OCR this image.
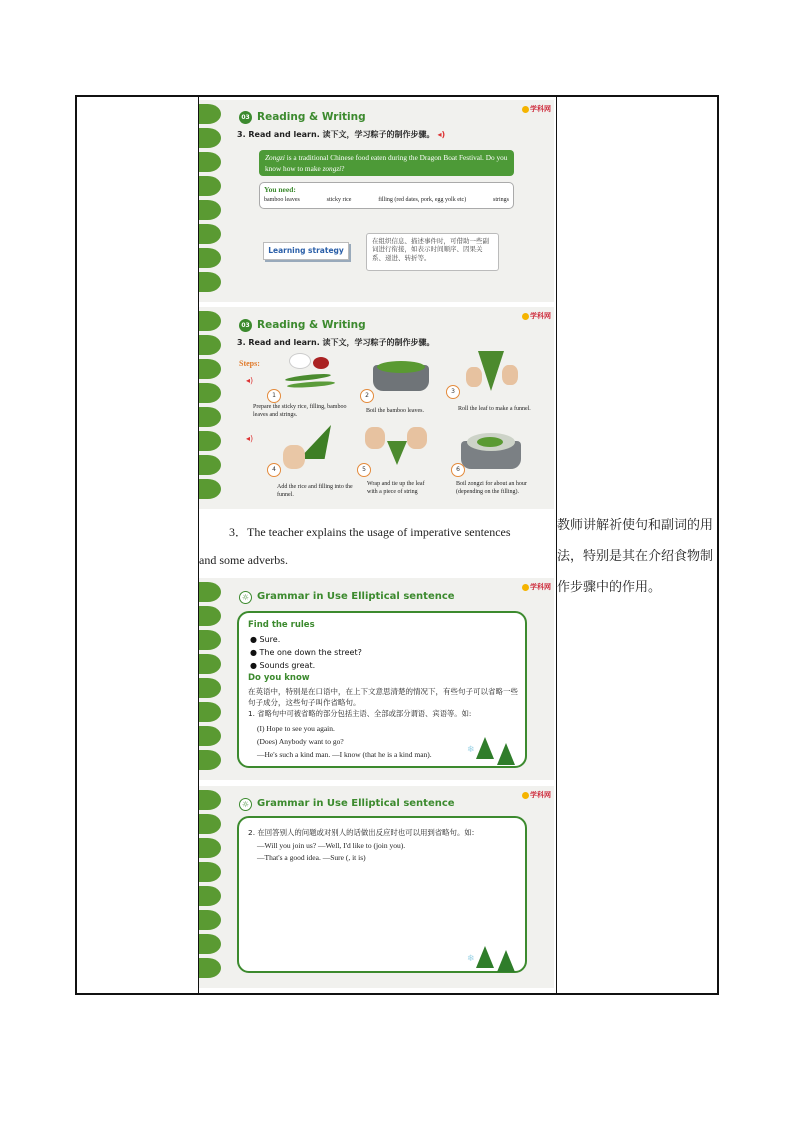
学科网
03 Reading & Writing
3. Read and learn. 读下文，学习粽子的制作步骤。 ◂)
Zongzi is a traditional Chinese food eaten during the Dragon Boat Festival. Do you know how to make zongzi?
You need:
bamboo leaves	sticky rice	filling (red dates, pork, egg yolk etc)	strings
Learning strategy
在组织信息、描述事件时，可借助一些副词进行衔接，如表示时间顺序、因果关系、递进、转折等。
学科网
03 Reading & Writing
3. Read and learn. 读下文，学习粽子的制作步骤。
Steps:
◂)
◂)
1	2
3
4	5	6
Prepare the sticky rice, filling, bamboo leaves and strings.
Boil the bamboo leaves.	Roll the leaf to make a funnel.
Add the rice and filling into the funnel.
Wrap and tie up the leaf with a piece of string
Boil zongzi for about an hour (depending on the filling).
3．The teacher explains the usage of imperative sentences
and some adverbs.
教师讲解祈使句和副词的用法，特别是其在介绍食物制作步骤中的作用。
学科网
☼ Grammar in Use Elliptical sentence
Find the rules
● Sure.
● The one down the street?
● Sounds great.
Do you know
在英语中，特别是在口语中，在上下文意思清楚的情况下，有些句子可以省略一些句子成分，这些句子叫作省略句。
1. 省略句中可被省略的部分包括主语、全部或部分谓语、宾语等。如:
(I) Hope to see you again.
(Does) Anybody want to go?
—He's such a kind man. —I know (that he is a kind man).	❄
学科网
☼ Grammar in Use Elliptical sentence
2. 在回答别人的问题或对别人的话做出反应时也可以用到省略句。如:
—Will you join us? —Well, I'd like to (join you).
—That's a good idea. —Sure (, it is)
❄
